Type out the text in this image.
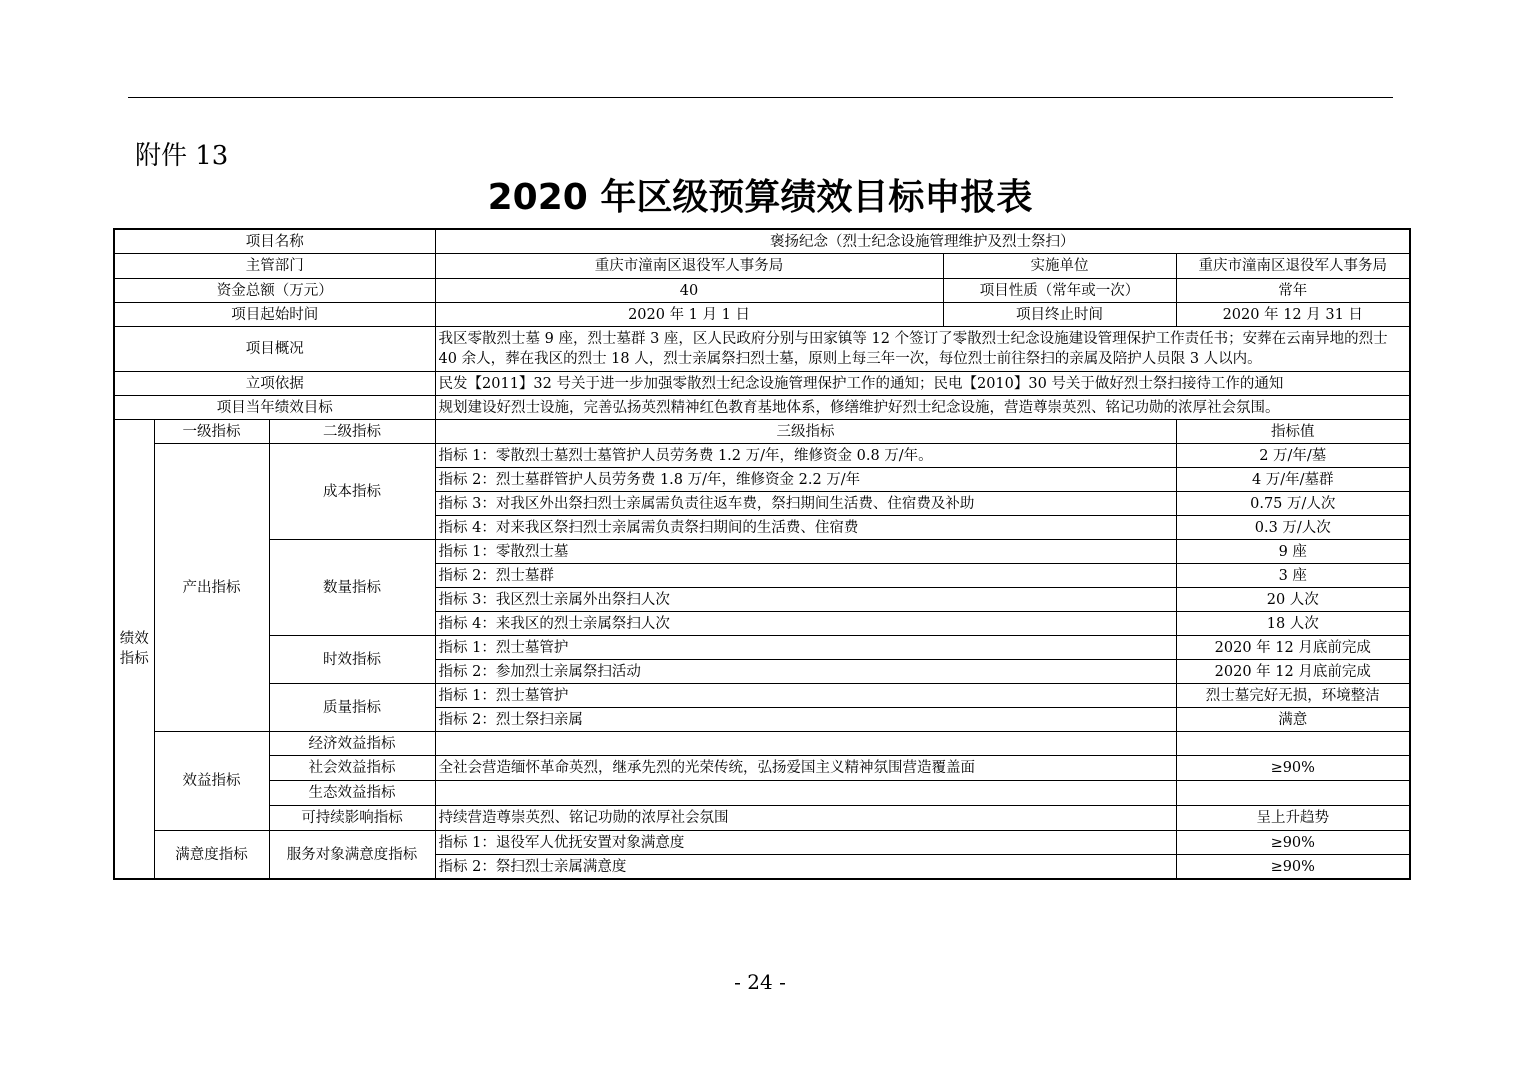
附件 13
2020 年区级预算绩效目标申报表
项目名称			褒扬纪念（烈士纪念设施管理维护及烈士祭扫）		
主管部门			重庆市潼南区退役军人事务局	实施单位	重庆市潼南区退役军人事务局
资金总额（万元）			40	项目性质（常年或一次）	常年
项目起始时间			2020 年 1 月 1 日	项目终止时间	2020 年 12 月 31 日
项目概况			我区零散烈士墓 9 座，烈士墓群 3 座，区人民政府分别与田家镇等 12 个签订了零散烈士纪念设施建设管理保护工作责任书；安葬在云南异地的烈士 40 余人，葬在我区的烈士 18 人，烈士亲属祭扫烈士墓，原则上每三年一次，每位烈士前往祭扫的亲属及陪护人员限 3 人以内。		
立项依据			民发【2011】32 号关于进一步加强零散烈士纪念设施管理保护工作的通知；民电【2010】30 号关于做好烈士祭扫接待工作的通知		
项目当年绩效目标			规划建设好烈士设施，完善弘扬英烈精神红色教育基地体系，修缮维护好烈士纪念设施，营造尊崇英烈、铭记功勋的浓厚社会氛围。		
绩效
指标	一级指标	二级指标	三级指标		指标值
	产出指标	成本指标	指标 1：零散烈士墓烈士墓管护人员劳务费 1.2 万/年，维修资金 0.8 万/年。		2 万/年/墓
			指标 2：烈士墓群管护人员劳务费 1.8 万/年，维修资金 2.2 万/年		4 万/年/墓群
			指标 3：对我区外出祭扫烈士亲属需负责往返车费，祭扫期间生活费、住宿费及补助		0.75 万/人次
			指标 4：对来我区祭扫烈士亲属需负责祭扫期间的生活费、住宿费		0.3 万/人次
		数量指标	指标 1：零散烈士墓		9 座
			指标 2：烈士墓群		3 座
			指标 3：我区烈士亲属外出祭扫人次		20 人次
			指标 4：来我区的烈士亲属祭扫人次		18 人次
		时效指标	指标 1：烈士墓管护		2020 年 12 月底前完成
			指标 2：参加烈士亲属祭扫活动		2020 年 12 月底前完成
		质量指标	指标 1：烈士墓管护		烈士墓完好无损，环境整洁
			指标 2：烈士祭扫亲属		满意
	效益指标	经济效益指标			
		社会效益指标	全社会营造缅怀革命英烈，继承先烈的光荣传统，弘扬爱国主义精神氛围营造覆盖面		≥90%
		生态效益指标			
		可持续影响指标	持续营造尊崇英烈、铭记功勋的浓厚社会氛围		呈上升趋势
	满意度指标	服务对象满意度指标	指标 1：退役军人优抚安置对象满意度		≥90%
			指标 2：祭扫烈士亲属满意度		≥90%
- 24 -
